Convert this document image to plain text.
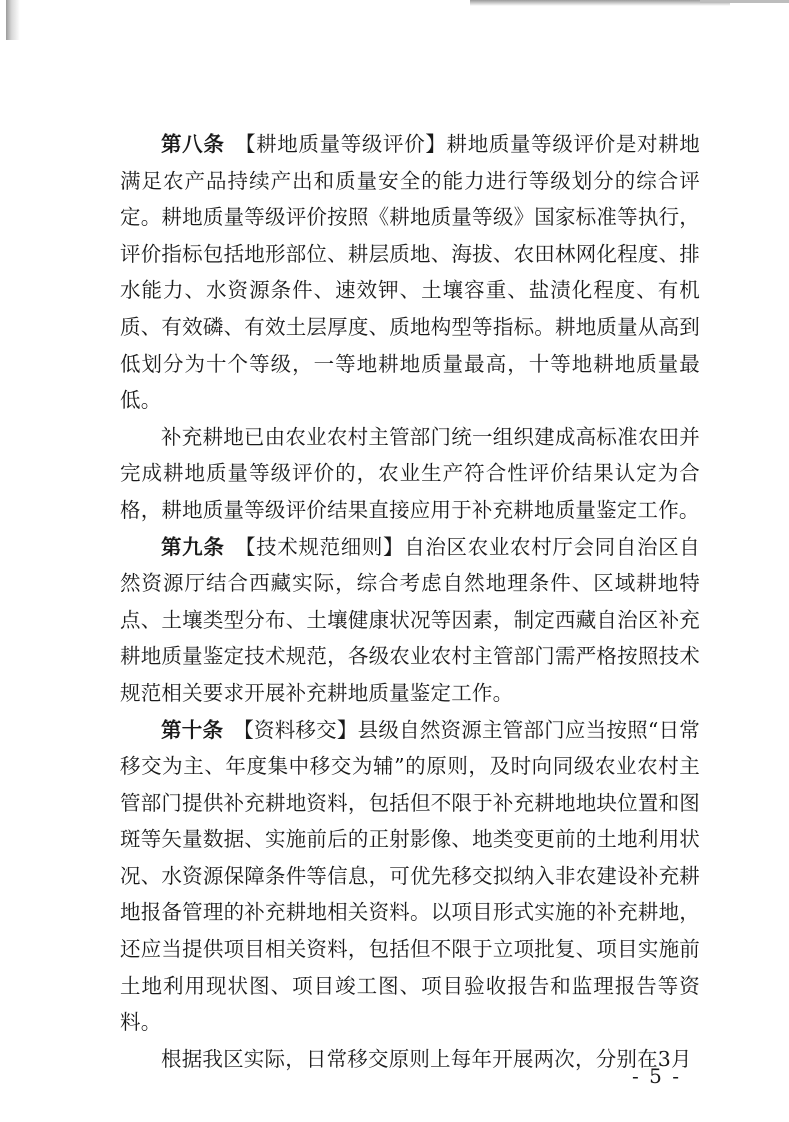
第八条 【耕地质量等级评价】耕地质量等级评价是对耕地满足农产品持续产出和质量安全的能力进行等级划分的综合评定。耕地质量等级评价按照《耕地质量等级》国家标准等执行，评价指标包括地形部位、耕层质地、海拔、农田林网化程度、排水能力、水资源条件、速效钾、土壤容重、盐渍化程度、有机质、有效磷、有效土层厚度、质地构型等指标。耕地质量从高到低划分为十个等级，一等地耕地质量最高，十等地耕地质量最低。

补充耕地已由农业农村主管部门统一组织建成高标准农田并完成耕地质量等级评价的，农业生产符合性评价结果认定为合格，耕地质量等级评价结果直接应用于补充耕地质量鉴定工作。

第九条 【技术规范细则】自治区农业农村厅会同自治区自然资源厅结合西藏实际，综合考虑自然地理条件、区域耕地特点、土壤类型分布、土壤健康状况等因素，制定西藏自治区补充耕地质量鉴定技术规范，各级农业农村主管部门需严格按照技术规范相关要求开展补充耕地质量鉴定工作。

第十条 【资料移交】县级自然资源主管部门应当按照“日常移交为主、年度集中移交为辅”的原则，及时向同级农业农村主管部门提供补充耕地资料，包括但不限于补充耕地地块位置和图斑等矢量数据、实施前后的正射影像、地类变更前的土地利用状况、水资源保障条件等信息，可优先移交拟纳入非农建设补充耕地报备管理的补充耕地相关资料。以项目形式实施的补充耕地，还应当提供项目相关资料，包括但不限于立项批复、项目实施前土地利用现状图、项目竣工图、项目验收报告和监理报告等资料。

根据我区实际，日常移交原则上每年开展两次，分别在3月

- 5 -
